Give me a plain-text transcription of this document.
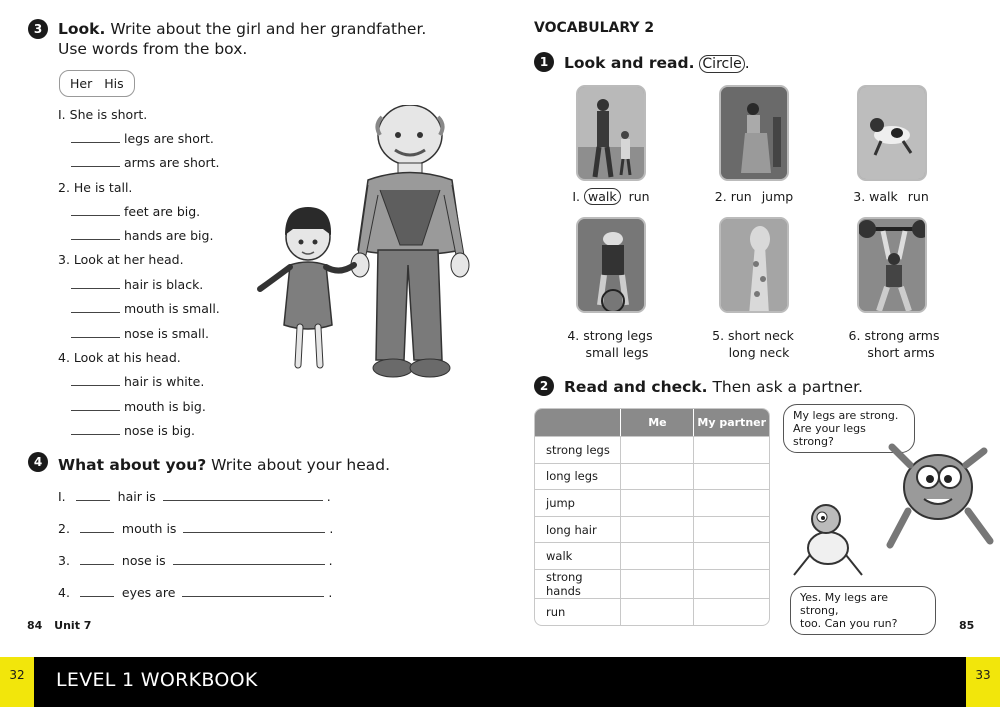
3	Look. Write about the girl and her grandfather.
Use words from the box.
Her His
I. She is short.
legs are short.
arms are short.
2. He is tall.
feet are big.
hands are big.
3. Look at her head.
hair is black.
mouth is small.
nose is small.
4. Look at his head.
hair is white.
mouth is big.
nose is big.
4	What about you? Write about your head.
I.	hair is	.
2.	mouth is	.
3.	nose is	.
4.	eyes are	.
84 Unit 7
VOCABULARY 2
1	Look and read. Circle .
I. walk run	2. run jump	3. walk run
4. strong legs
small legs
5. short neck
long neck
6. strong arms
short arms
2	Read and check. Then ask a partner.
	Me	My partner
strong legs		
long legs		
jump		
long hair		
walk		
strong hands		
run		
My legs are strong.
Are your legs strong?
Yes. My legs are strong,
too. Can you run?	85
32	LEVEL 1 WORKBOOK	33
